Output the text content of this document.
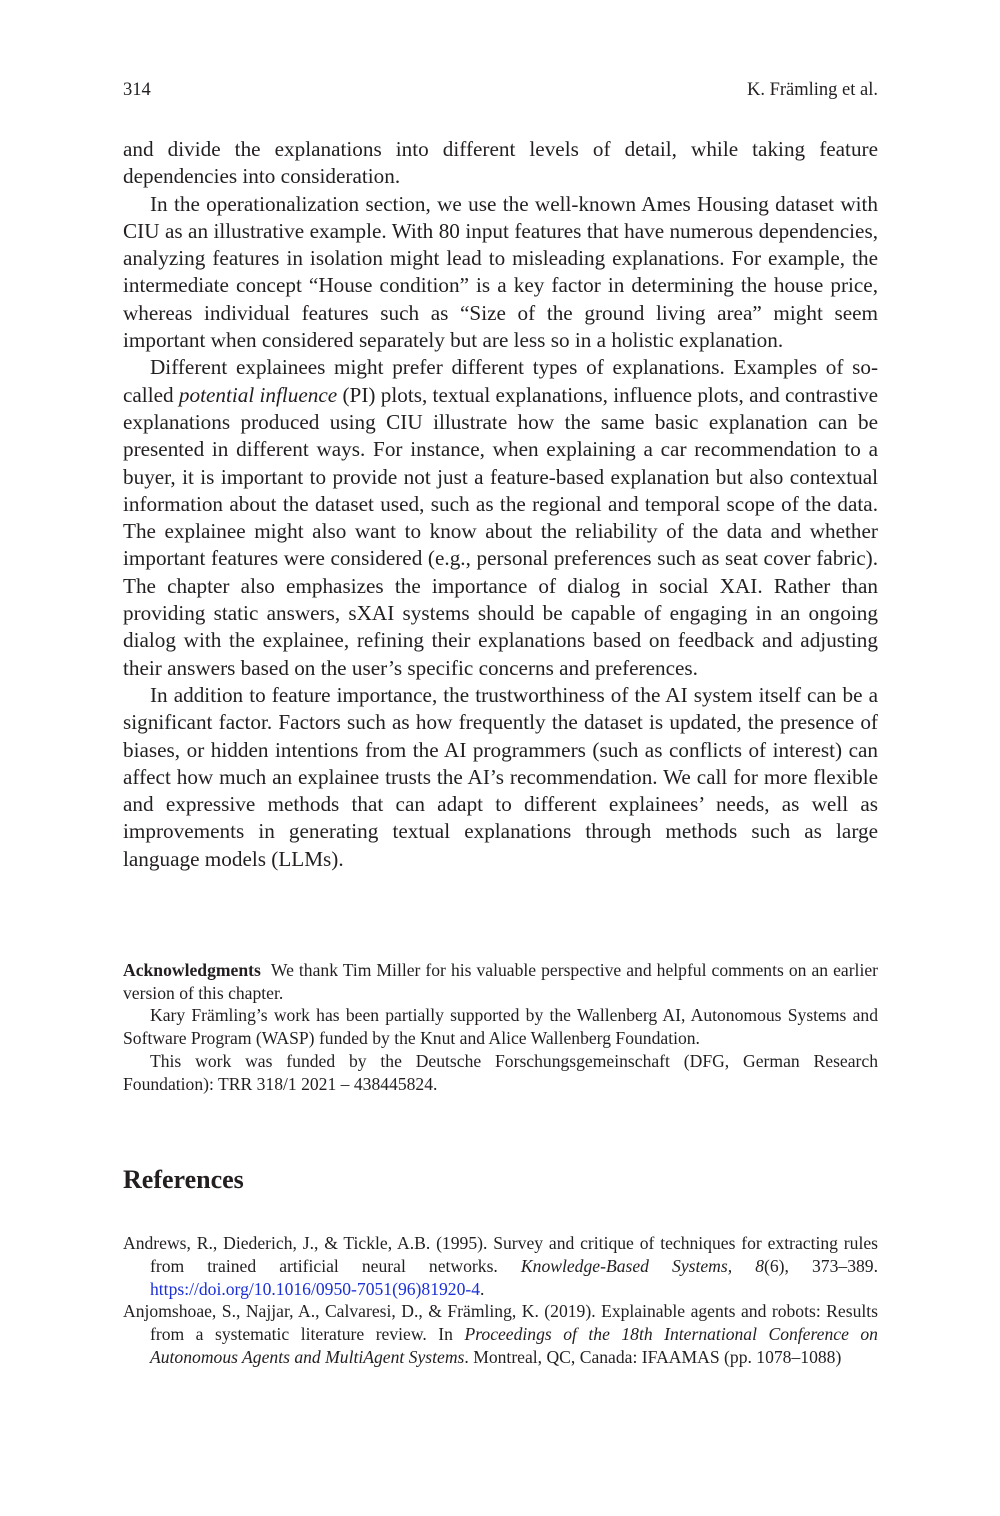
314	K. Främling et al.

and divide the explanations into different levels of detail, while taking feature dependencies into consideration.

In the operationalization section, we use the well-known Ames Housing dataset with CIU as an illustrative example. With 80 input features that have numerous dependencies, analyzing features in isolation might lead to misleading explanations. For example, the intermediate concept “House condition” is a key factor in determining the house price, whereas individual features such as “Size of the ground living area” might seem important when considered separately but are less so in a holistic explanation.

Different explainees might prefer different types of explanations. Examples of so-called potential influence (PI) plots, textual explanations, influence plots, and contrastive explanations produced using CIU illustrate how the same basic explanation can be presented in different ways. For instance, when explaining a car recommendation to a buyer, it is important to provide not just a feature-based explanation but also contextual information about the dataset used, such as the regional and temporal scope of the data. The explainee might also want to know about the reliability of the data and whether important features were considered (e.g., personal preferences such as seat cover fabric). The chapter also emphasizes the importance of dialog in social XAI. Rather than providing static answers, sXAI systems should be capable of engaging in an ongoing dialog with the explainee, refining their explanations based on feedback and adjusting their answers based on the user’s specific concerns and preferences.

In addition to feature importance, the trustworthiness of the AI system itself can be a significant factor. Factors such as how frequently the dataset is updated, the presence of biases, or hidden intentions from the AI programmers (such as conflicts of interest) can affect how much an explainee trusts the AI’s recommendation. We call for more flexible and expressive methods that can adapt to different explainees’ needs, as well as improvements in generating textual explanations through methods such as large language models (LLMs).

Acknowledgments We thank Tim Miller for his valuable perspective and helpful comments on an earlier version of this chapter.

Kary Främling’s work has been partially supported by the Wallenberg AI, Autonomous Systems and Software Program (WASP) funded by the Knut and Alice Wallenberg Foundation.

This work was funded by the Deutsche Forschungsgemeinschaft (DFG, German Research Foundation): TRR 318/1 2021 – 438445824.

References

Andrews, R., Diederich, J., & Tickle, A.B. (1995). Survey and critique of techniques for extracting rules from trained artificial neural networks. Knowledge-Based Systems, 8(6), 373–389. https://doi.org/10.1016/0950-7051(96)81920-4.

Anjomshoae, S., Najjar, A., Calvaresi, D., & Främling, K. (2019). Explainable agents and robots: Results from a systematic literature review. In Proceedings of the 18th International Conference on Autonomous Agents and MultiAgent Systems. Montreal, QC, Canada: IFAAMAS (pp. 1078–1088)
